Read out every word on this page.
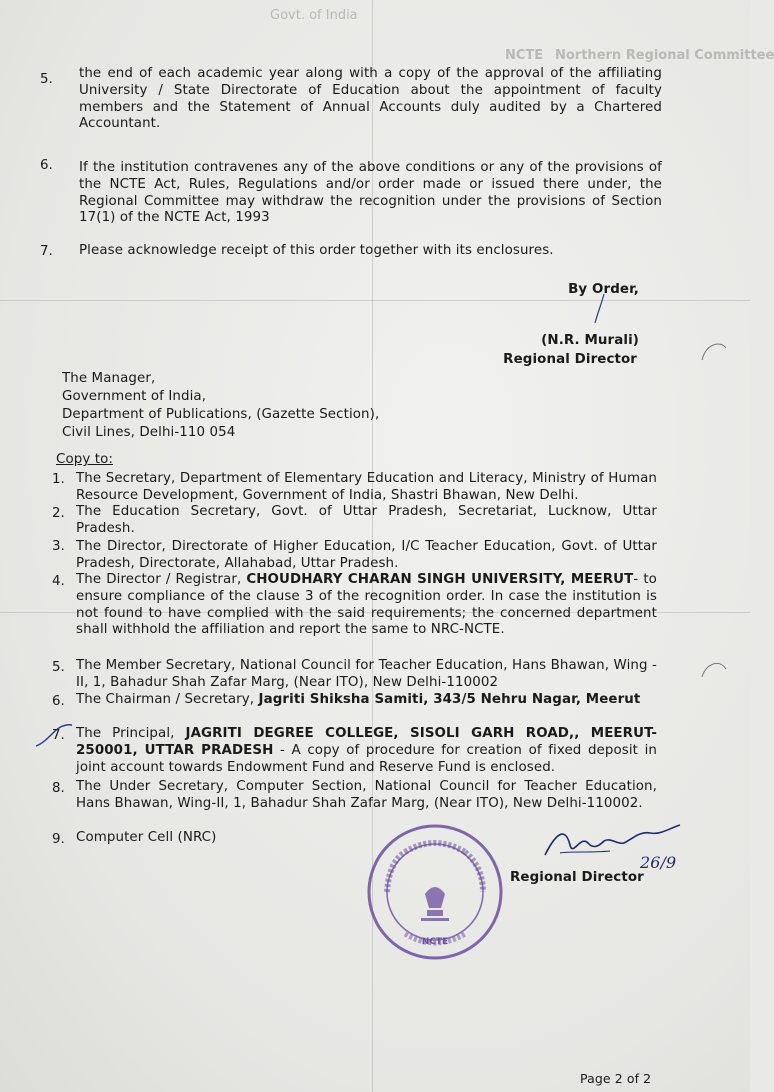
Govt. of India
NCTE Northern Regional Committee
5. the end of each academic year along with a copy of the approval of the affiliating University / State Directorate of Education about the appointment of faculty members and the Statement of Annual Accounts duly audited by a Chartered Accountant.
6. If the institution contravenes any of the above conditions or any of the provisions of the NCTE Act, Rules, Regulations and/or order made or issued there under, the Regional Committee may withdraw the recognition under the provisions of Section 17(1) of the NCTE Act, 1993
7. Please acknowledge receipt of this order together with its enclosures.
By Order,
(N.R. Murali)
Regional Director
The Manager,
Government of India,
Department of Publications, (Gazette Section),
Civil Lines, Delhi-110 054
Copy to:
1. The Secretary, Department of Elementary Education and Literacy, Ministry of Human Resource Development, Government of India, Shastri Bhawan, New Delhi.
2. The Education Secretary, Govt. of Uttar Pradesh, Secretariat, Lucknow, Uttar Pradesh.
3. The Director, Directorate of Higher Education, I/C Teacher Education, Govt. of Uttar Pradesh, Directorate, Allahabad, Uttar Pradesh.
4. The Director / Registrar, CHOUDHARY CHARAN SINGH UNIVERSITY, MEERUT- to ensure compliance of the clause 3 of the recognition order. In case the institution is not found to have complied with the said requirements; the concerned department shall withhold the affiliation and report the same to NRC-NCTE.
5. The Member Secretary, National Council for Teacher Education, Hans Bhawan, Wing - II, 1, Bahadur Shah Zafar Marg, (Near ITO), New Delhi-110002
6. The Chairman / Secretary, Jagriti Shiksha Samiti, 343/5 Nehru Nagar, Meerut
7. The Principal, JAGRITI DEGREE COLLEGE, SISOLI GARH ROAD,, MEERUT-250001, UTTAR PRADESH - A copy of procedure for creation of fixed deposit in joint account towards Endowment Fund and Reserve Fund is enclosed.
8. The Under Secretary, Computer Section, National Council for Teacher Education, Hans Bhawan, Wing-II, 1, Bahadur Shah Zafar Marg, (Near ITO), New Delhi-110002.
9. Computer Cell (NRC)
NCTE
26/9
Regional Director
Page 2 of 2
